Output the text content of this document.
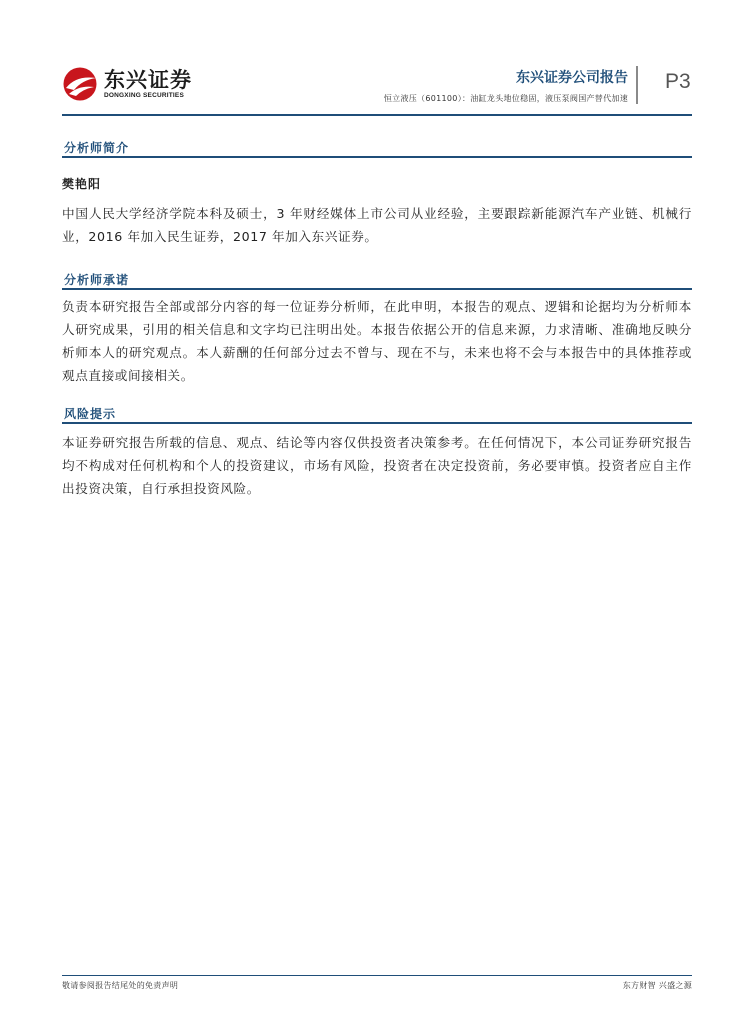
东兴证券
DONGXING SECURITIES
东兴证券公司报告
恒立液压（601100）：油缸龙头地位稳固，液压泵阀国产替代加速
P3
分析师简介
樊艳阳

中国人民大学经济学院本科及硕士，3 年财经媒体上市公司从业经验，主要跟踪新能源汽车产业链、机械行业，2016 年加入民生证券，2017 年加入东兴证券。

分析师承诺

负责本研究报告全部或部分内容的每一位证券分析师，在此申明，本报告的观点、逻辑和论据均为分析师本人研究成果，引用的相关信息和文字均已注明出处。本报告依据公开的信息来源，力求清晰、准确地反映分析师本人的研究观点。本人薪酬的任何部分过去不曾与、现在不与，未来也将不会与本报告中的具体推荐或观点直接或间接相关。

风险提示

本证券研究报告所载的信息、观点、结论等内容仅供投资者决策参考。在任何情况下，本公司证券研究报告均不构成对任何机构和个人的投资建议，市场有风险，投资者在决定投资前，务必要审慎。投资者应自主作出投资决策，自行承担投资风险。

敬请参阅报告结尾处的免责声明	东方财智 兴盛之源
